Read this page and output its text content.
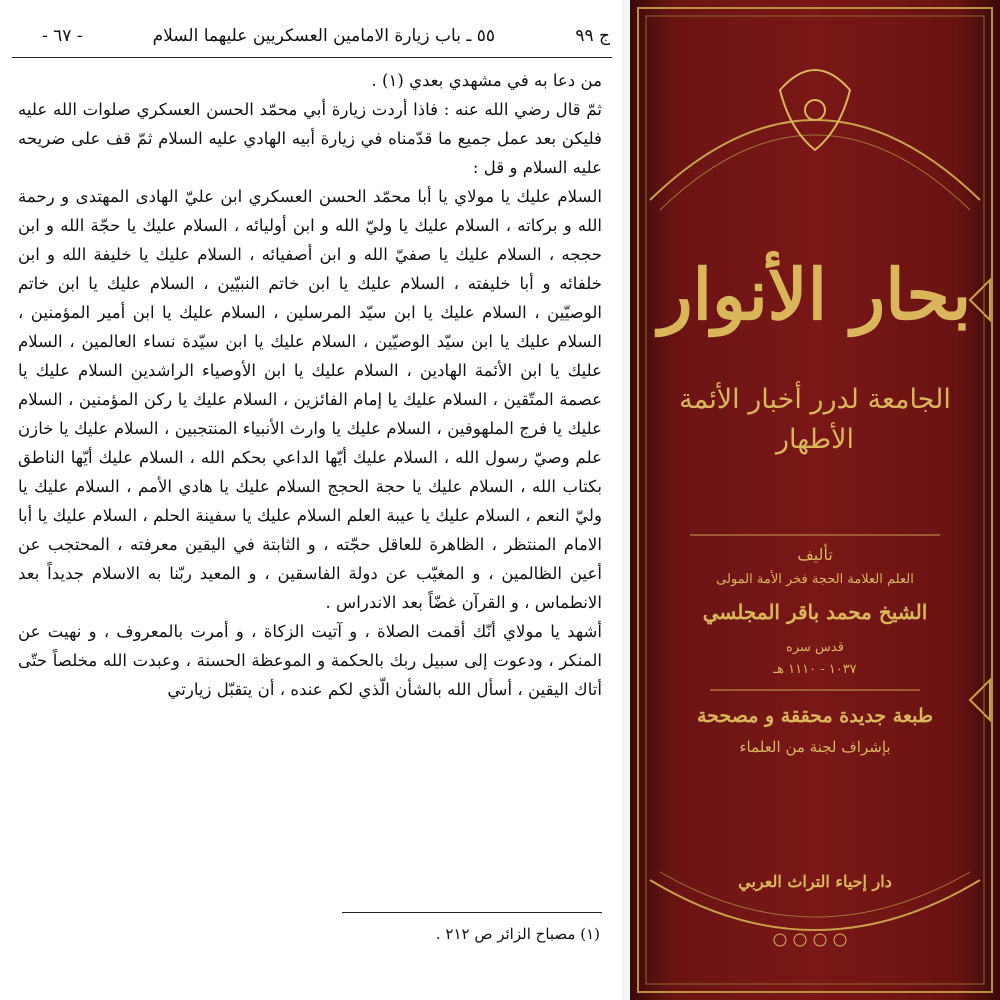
ج ٩٩
٥٥ ـ باب زيارة الامامين العسكريين عليهما السلام
- ٦٧ -

من دعا به في مشهدي بعدي (١) .

ثمّ قال رضي الله عنه : فاذا أردت زيارة أبي محمّد الحسن العسكري صلوات الله عليه فليكن بعد عمل جميع ما قدّمناه في زيارة أبيه الهادي عليه السلام ثمّ قف على ضريحه عليه السلام و قل :

السلام عليك يا مولاي يا أبا محمّد الحسن العسكري ابن عليّ الهادى المهتدى و رحمة الله و بركاته ، السلام عليك يا وليّ الله و ابن أوليائه ، السلام عليك يا حجّة الله و ابن حججه ، السلام عليك يا صفيّ الله و ابن أصفيائه ، السلام عليك يا خليفة الله و ابن خلفائه و أبا خليفته ، السلام عليك يا ابن خاتم النبيّين ، السلام عليك يا ابن خاتم الوصيّين ، السلام عليك يا ابن سيّد المرسلين ، السلام عليك يا ابن أمير المؤمنين ، السلام عليك يا ابن سيّد الوصيّين ، السلام عليك يا ابن سيّدة نساء العالمين ، السلام عليك يا ابن الأئمة الهادين ، السلام عليك يا ابن الأوصياء الراشدين السلام عليك يا عصمة المتّقين ، السلام عليك يا إمام الفائزين ، السلام عليك يا ركن المؤمنين ، السلام عليك يا فرج الملهوفين ، السلام عليك يا وارث الأنبياء المنتجبين ، السلام عليك يا خازن علم وصيّ رسول الله ، السلام عليك أيّها الداعي بحكم الله ، السلام عليك أيّها الناطق بكتاب الله ، السلام عليك يا حجة الحجج السلام عليك يا هادي الأمم ، السلام عليك يا وليّ النعم ، السلام عليك يا عيبة العلم السلام عليك يا سفينة الحلم ، السلام عليك يا أبا الامام المنتظر ، الظاهرة للعاقل حجّته ، و الثابتة في اليقين معرفته ، المحتجب عن أعين الظالمين ، و المغيّب عن دولة الفاسقين ، و المعيد ربّنا به الاسلام جديداً بعد الانطماس ، و القرآن غضّاً بعد الاندراس .

أشهد يا مولاي أنّك أقمت الصلاة ، و آتيت الزكاة ، و أمرت بالمعروف ، و نهيت عن المنكر ، ودعوت إلى سبيل ربك بالحكمة و الموعظة الحسنة ، وعبدت الله مخلصاً حتّى أتاك اليقين ، أسأل الله بالشأن الّذي لكم عنده ، أن يتقبّل زيارتي

(١) مصباح الزائر ص ٢١٢ .
بحار الأنوار
الجامعة لدرر أخبار الأئمة الأطهار
تأليف
العلم العلامة الحجة فخر الأمة المولى
الشيخ محمد باقر المجلسي
قدس سره
١٠٣٧ - ١١١٠ هـ
طبعة جديدة محققة و مصححة
بإشراف لجنة من العلماء
دار إحياء التراث العربي
